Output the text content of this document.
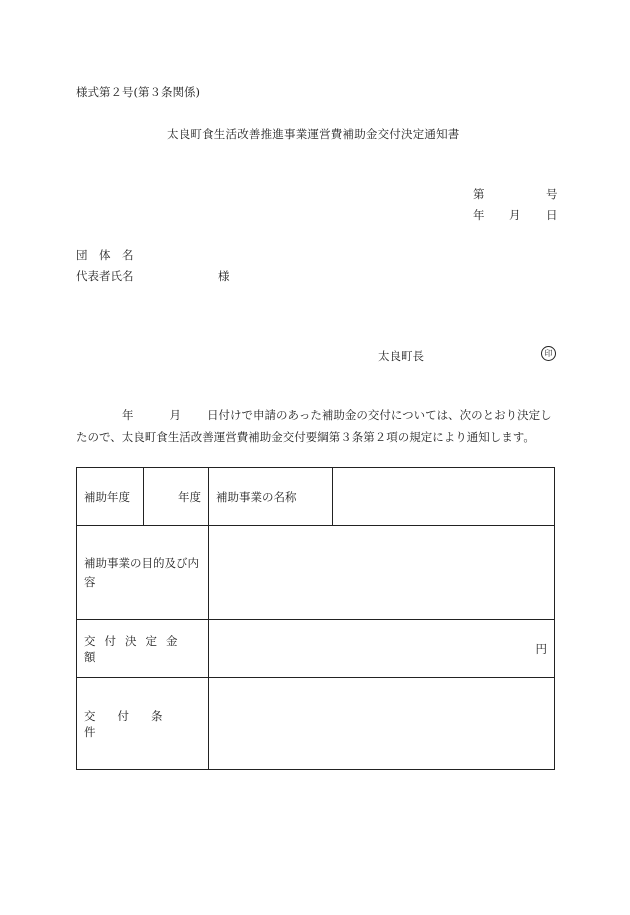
様式第２号(第３条関係)
太良町食生活改善推進事業運営費補助金交付決定通知書
第	号
年 月 日
団　体　名
代表者氏名	様
太良町長	印
年	月 日付けで申請のあった補助金の交付については、次のとおり決定し
たので、太良町食生活改善運営費補助金交付要綱第３条第２項の規定により通知します。
補助年度	年度	補助事業の名称	
補助事業の目的及び内容			
交付決定金額		円	
交付条件			
